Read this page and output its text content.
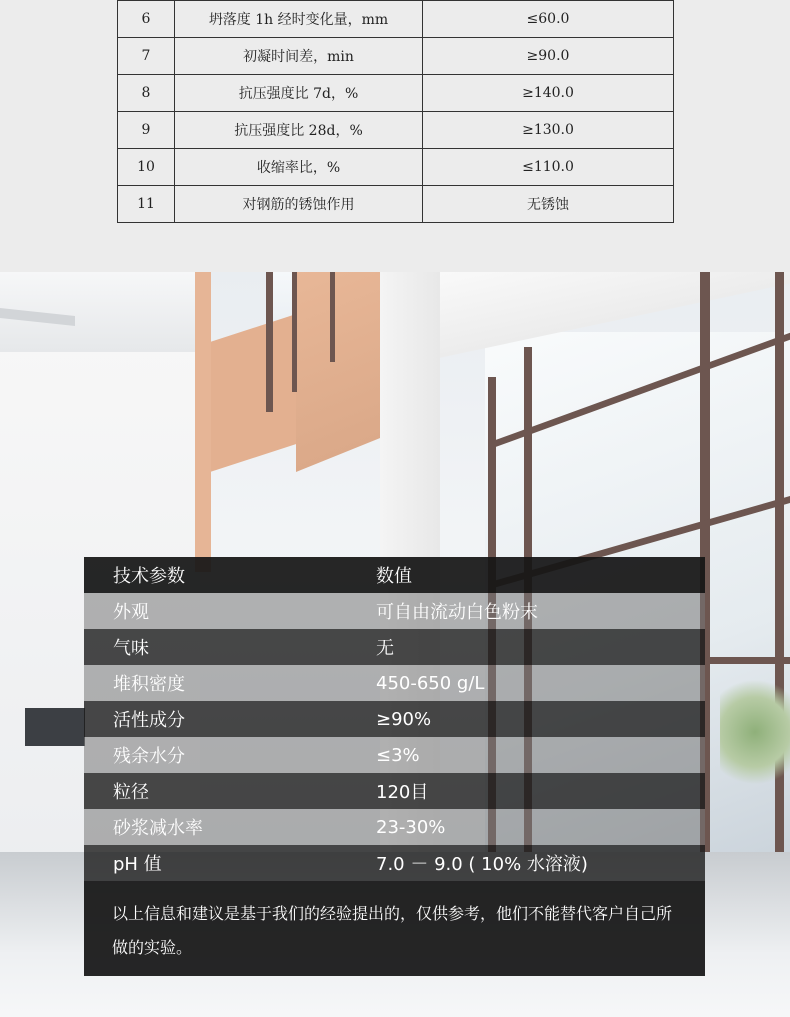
6	坍落度 1h 经时变化量，mm	≤60.0
7	初凝时间差，min	≥90.0
8	抗压强度比 7d，%	≥140.0
9	抗压强度比 28d，%	≥130.0
10	收缩率比，%	≤110.0
11	对钢筋的锈蚀作用	无锈蚀
技术参数	数值
外观	可自由流动白色粉末
气味	无
堆积密度	450-650 g/L
活性成分	≥90%
残余水分	≤3%
粒径	120目
砂浆减水率	23-30%
pH 值	7.0 － 9.0 ( 10% 水溶液)
以上信息和建议是基于我们的经验提出的，仅供参考，他们不能替代客户自己所做的实验。
